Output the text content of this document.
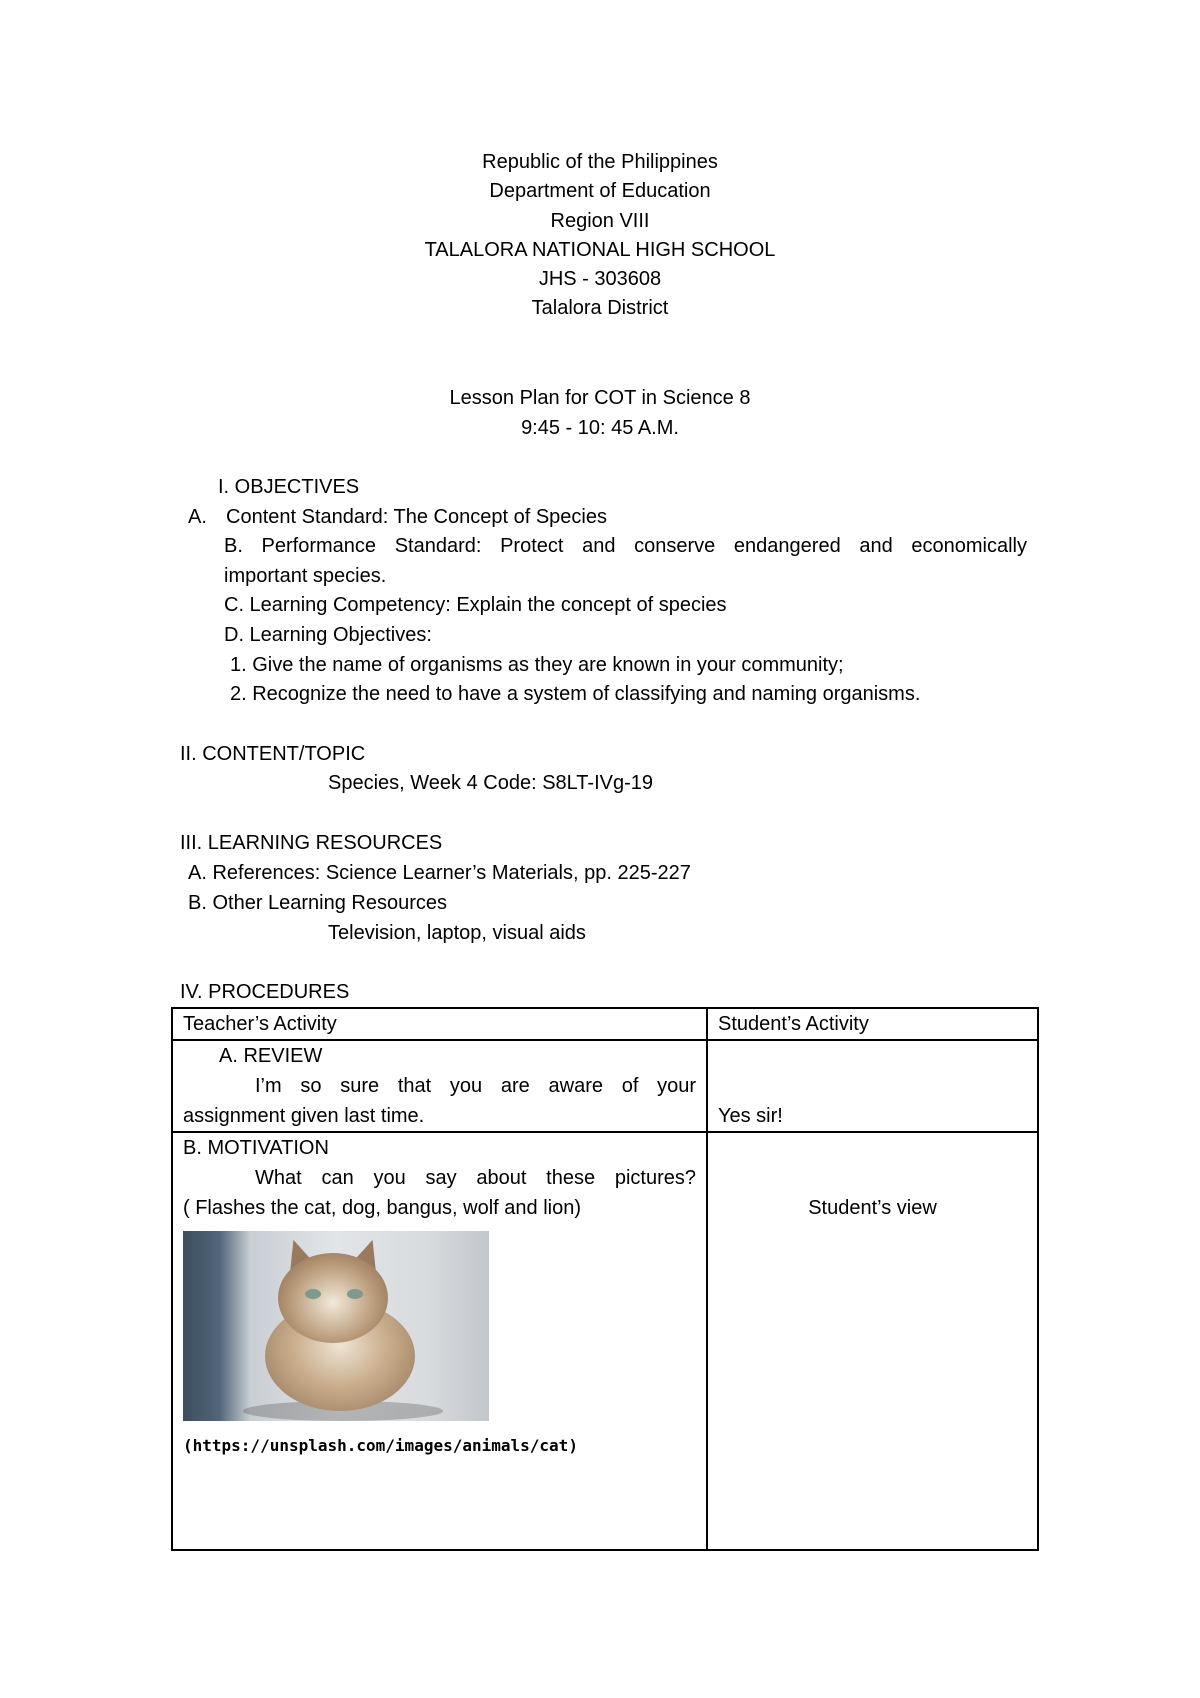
Republic of the Philippines
Department of Education
Region VIII
TALALORA NATIONAL HIGH SCHOOL
JHS - 303608
Talalora District
Lesson Plan for COT in Science 8
9:45 - 10: 45 A.M.
I. OBJECTIVES
A. Content Standard: The Concept of Species
B. Performance Standard: Protect and conserve endangered and economically
important species.
C. Learning Competency: Explain the concept of species
D. Learning Objectives:
1. Give the name of organisms as they are known in your community;
2. Recognize the need to have a system of classifying and naming organisms.
II. CONTENT/TOPIC
Species, Week 4 Code: S8LT-IVg-19
III. LEARNING RESOURCES
A. References: Science Learner’s Materials, pp. 225-227
B. Other Learning Resources
Television, laptop, visual aids
IV. PROCEDURES
Teacher’s Activity	Student’s Activity

A. REVIEW
I’m so sure that you are aware of your
assignment given last time.	Yes sir!

B. MOTIVATION
What can you say about these pictures?
( Flashes the cat, dog, bangus, wolf and lion)
(https://unsplash.com/images/animals/cat)	Student’s view
